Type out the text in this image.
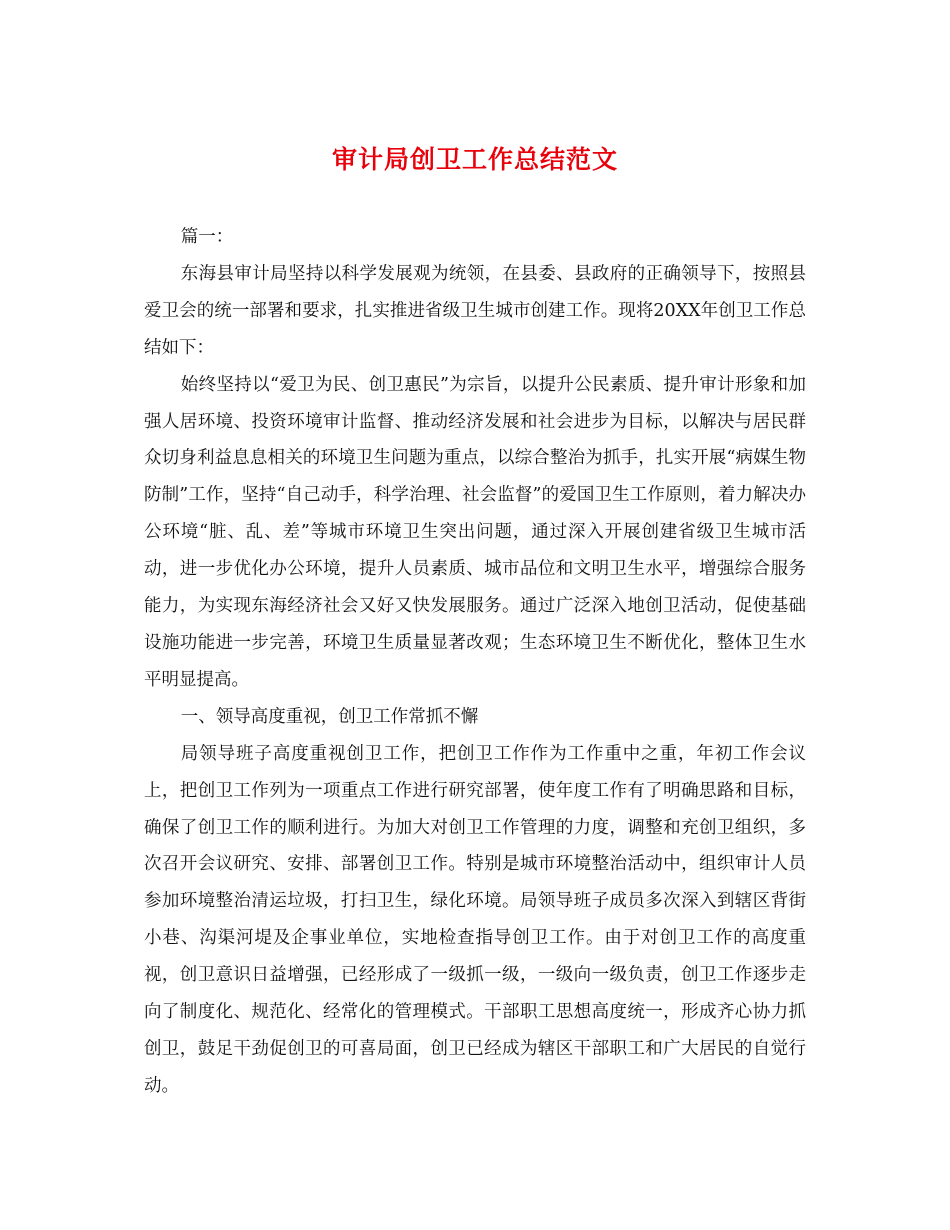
审计局创卫工作总结范文

篇一：

东海县审计局坚持以科学发展观为统领，在县委、县政府的正确领导下，按照县爱卫会的统一部署和要求，扎实推进省级卫生城市创建工作。现将20XX年创卫工作总结如下：

始终坚持以“爱卫为民、创卫惠民”为宗旨，以提升公民素质、提升审计形象和加强人居环境、投资环境审计监督、推动经济发展和社会进步为目标，以解决与居民群众切身利益息息相关的环境卫生问题为重点，以综合整治为抓手，扎实开展“病媒生物防制”工作，坚持“自己动手，科学治理、社会监督”的爱国卫生工作原则，着力解决办公环境“脏、乱、差”等城市环境卫生突出问题，通过深入开展创建省级卫生城市活动，进一步优化办公环境，提升人员素质、城市品位和文明卫生水平，增强综合服务能力，为实现东海经济社会又好又快发展服务。通过广泛深入地创卫活动，促使基础设施功能进一步完善，环境卫生质量显著改观；生态环境卫生不断优化，整体卫生水平明显提高。

一、领导高度重视，创卫工作常抓不懈

局领导班子高度重视创卫工作，把创卫工作作为工作重中之重，年初工作会议上，把创卫工作列为一项重点工作进行研究部署，使年度工作有了明确思路和目标，确保了创卫工作的顺利进行。为加大对创卫工作管理的力度，调整和充创卫组织，多次召开会议研究、安排、部署创卫工作。特别是城市环境整治活动中，组织审计人员参加环境整治清运垃圾，打扫卫生，绿化环境。局领导班子成员多次深入到辖区背街小巷、沟渠河堤及企事业单位，实地检查指导创卫工作。由于对创卫工作的高度重视，创卫意识日益增强，已经形成了一级抓一级，一级向一级负责，创卫工作逐步走向了制度化、规范化、经常化的管理模式。干部职工思想高度统一，形成齐心协力抓创卫，鼓足干劲促创卫的可喜局面，创卫已经成为辖区干部职工和广大居民的自觉行动。
